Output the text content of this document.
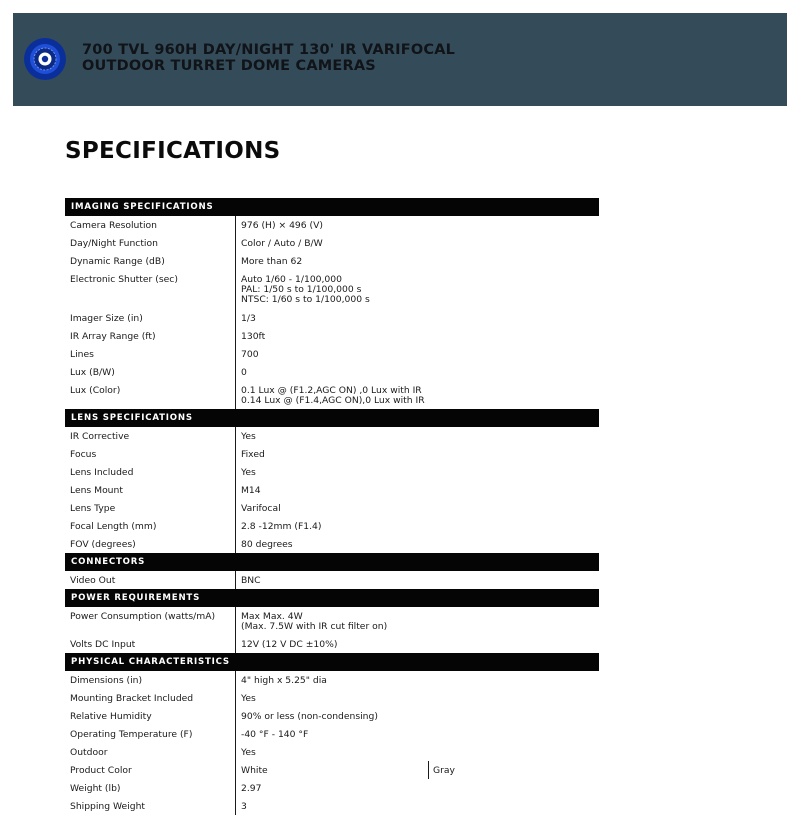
700 TVL 960H DAY/NIGHT 130' IR VARIFOCAL
OUTDOOR TURRET DOME CAMERAS
SPECIFICATIONS
IMAGING SPECIFICATIONS
Camera Resolution	976 (H) × 496 (V)
Day/Night Function	Color / Auto / B/W
Dynamic Range (dB)	More than 62
Electronic Shutter (sec)	Auto 1/60 - 1/100,000
PAL: 1/50 s to 1/100,000 s
NTSC: 1/60 s to 1/100,000 s
Imager Size (in)	1/3
IR Array Range (ft)	130ft
Lines	700
Lux (B/W)	0
Lux (Color)	0.1 Lux @ (F1.2,AGC ON) ,0 Lux with IR
0.14 Lux @ (F1.4,AGC ON),0 Lux with IR
LENS SPECIFICATIONS
IR Corrective	Yes
Focus	Fixed
Lens Included	Yes
Lens Mount	M14
Lens Type	Varifocal
Focal Length (mm)	2.8 -12mm (F1.4)
FOV (degrees)	80 degrees
CONNECTORS
Video Out	BNC
POWER REQUIREMENTS
Power Consumption (watts/mA)	Max Max. 4W
(Max. 7.5W with IR cut filter on)
Volts DC Input	12V (12 V DC ±10%)
PHYSICAL CHARACTERISTICS
Dimensions (in)	4" high x 5.25" dia
Mounting Bracket Included	Yes
Relative Humidity	90% or less (non-condensing)
Operating Temperature (F)	-40 °F - 140 °F
Outdoor	Yes
Product Color	White	Gray
Weight (lb)	2.97
Shipping Weight	3
